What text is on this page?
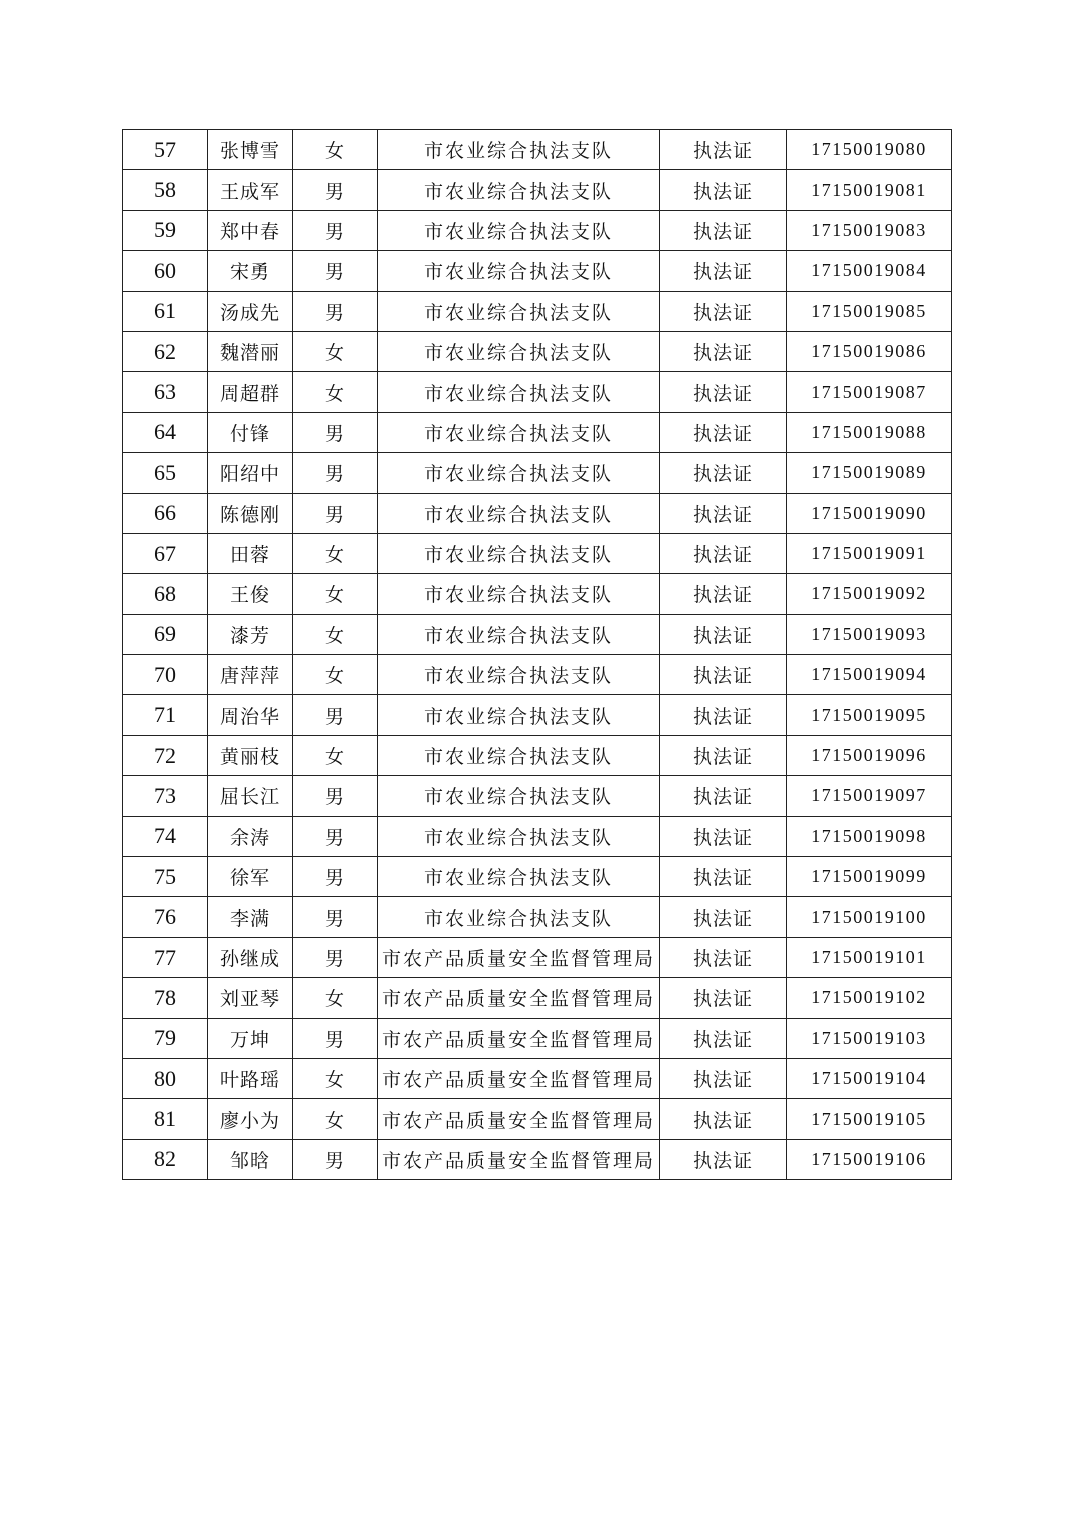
57	张博雪	女	市农业综合执法支队	执法证	17150019080
58	王成军	男	市农业综合执法支队	执法证	17150019081
59	郑中春	男	市农业综合执法支队	执法证	17150019083
60	宋勇	男	市农业综合执法支队	执法证	17150019084
61	汤成先	男	市农业综合执法支队	执法证	17150019085
62	魏潜丽	女	市农业综合执法支队	执法证	17150019086
63	周超群	女	市农业综合执法支队	执法证	17150019087
64	付锋	男	市农业综合执法支队	执法证	17150019088
65	阳绍中	男	市农业综合执法支队	执法证	17150019089
66	陈德刚	男	市农业综合执法支队	执法证	17150019090
67	田蓉	女	市农业综合执法支队	执法证	17150019091
68	王俊	女	市农业综合执法支队	执法证	17150019092
69	漆芳	女	市农业综合执法支队	执法证	17150019093
70	唐萍萍	女	市农业综合执法支队	执法证	17150019094
71	周治华	男	市农业综合执法支队	执法证	17150019095
72	黄丽枝	女	市农业综合执法支队	执法证	17150019096
73	屈长江	男	市农业综合执法支队	执法证	17150019097
74	余涛	男	市农业综合执法支队	执法证	17150019098
75	徐军	男	市农业综合执法支队	执法证	17150019099
76	李满	男	市农业综合执法支队	执法证	17150019100
77	孙继成	男	市农产品质量安全监督管理局	执法证	17150019101
78	刘亚琴	女	市农产品质量安全监督管理局	执法证	17150019102
79	万坤	男	市农产品质量安全监督管理局	执法证	17150019103
80	叶路瑶	女	市农产品质量安全监督管理局	执法证	17150019104
81	廖小为	女	市农产品质量安全监督管理局	执法证	17150019105
82	邹晗	男	市农产品质量安全监督管理局	执法证	17150019106
